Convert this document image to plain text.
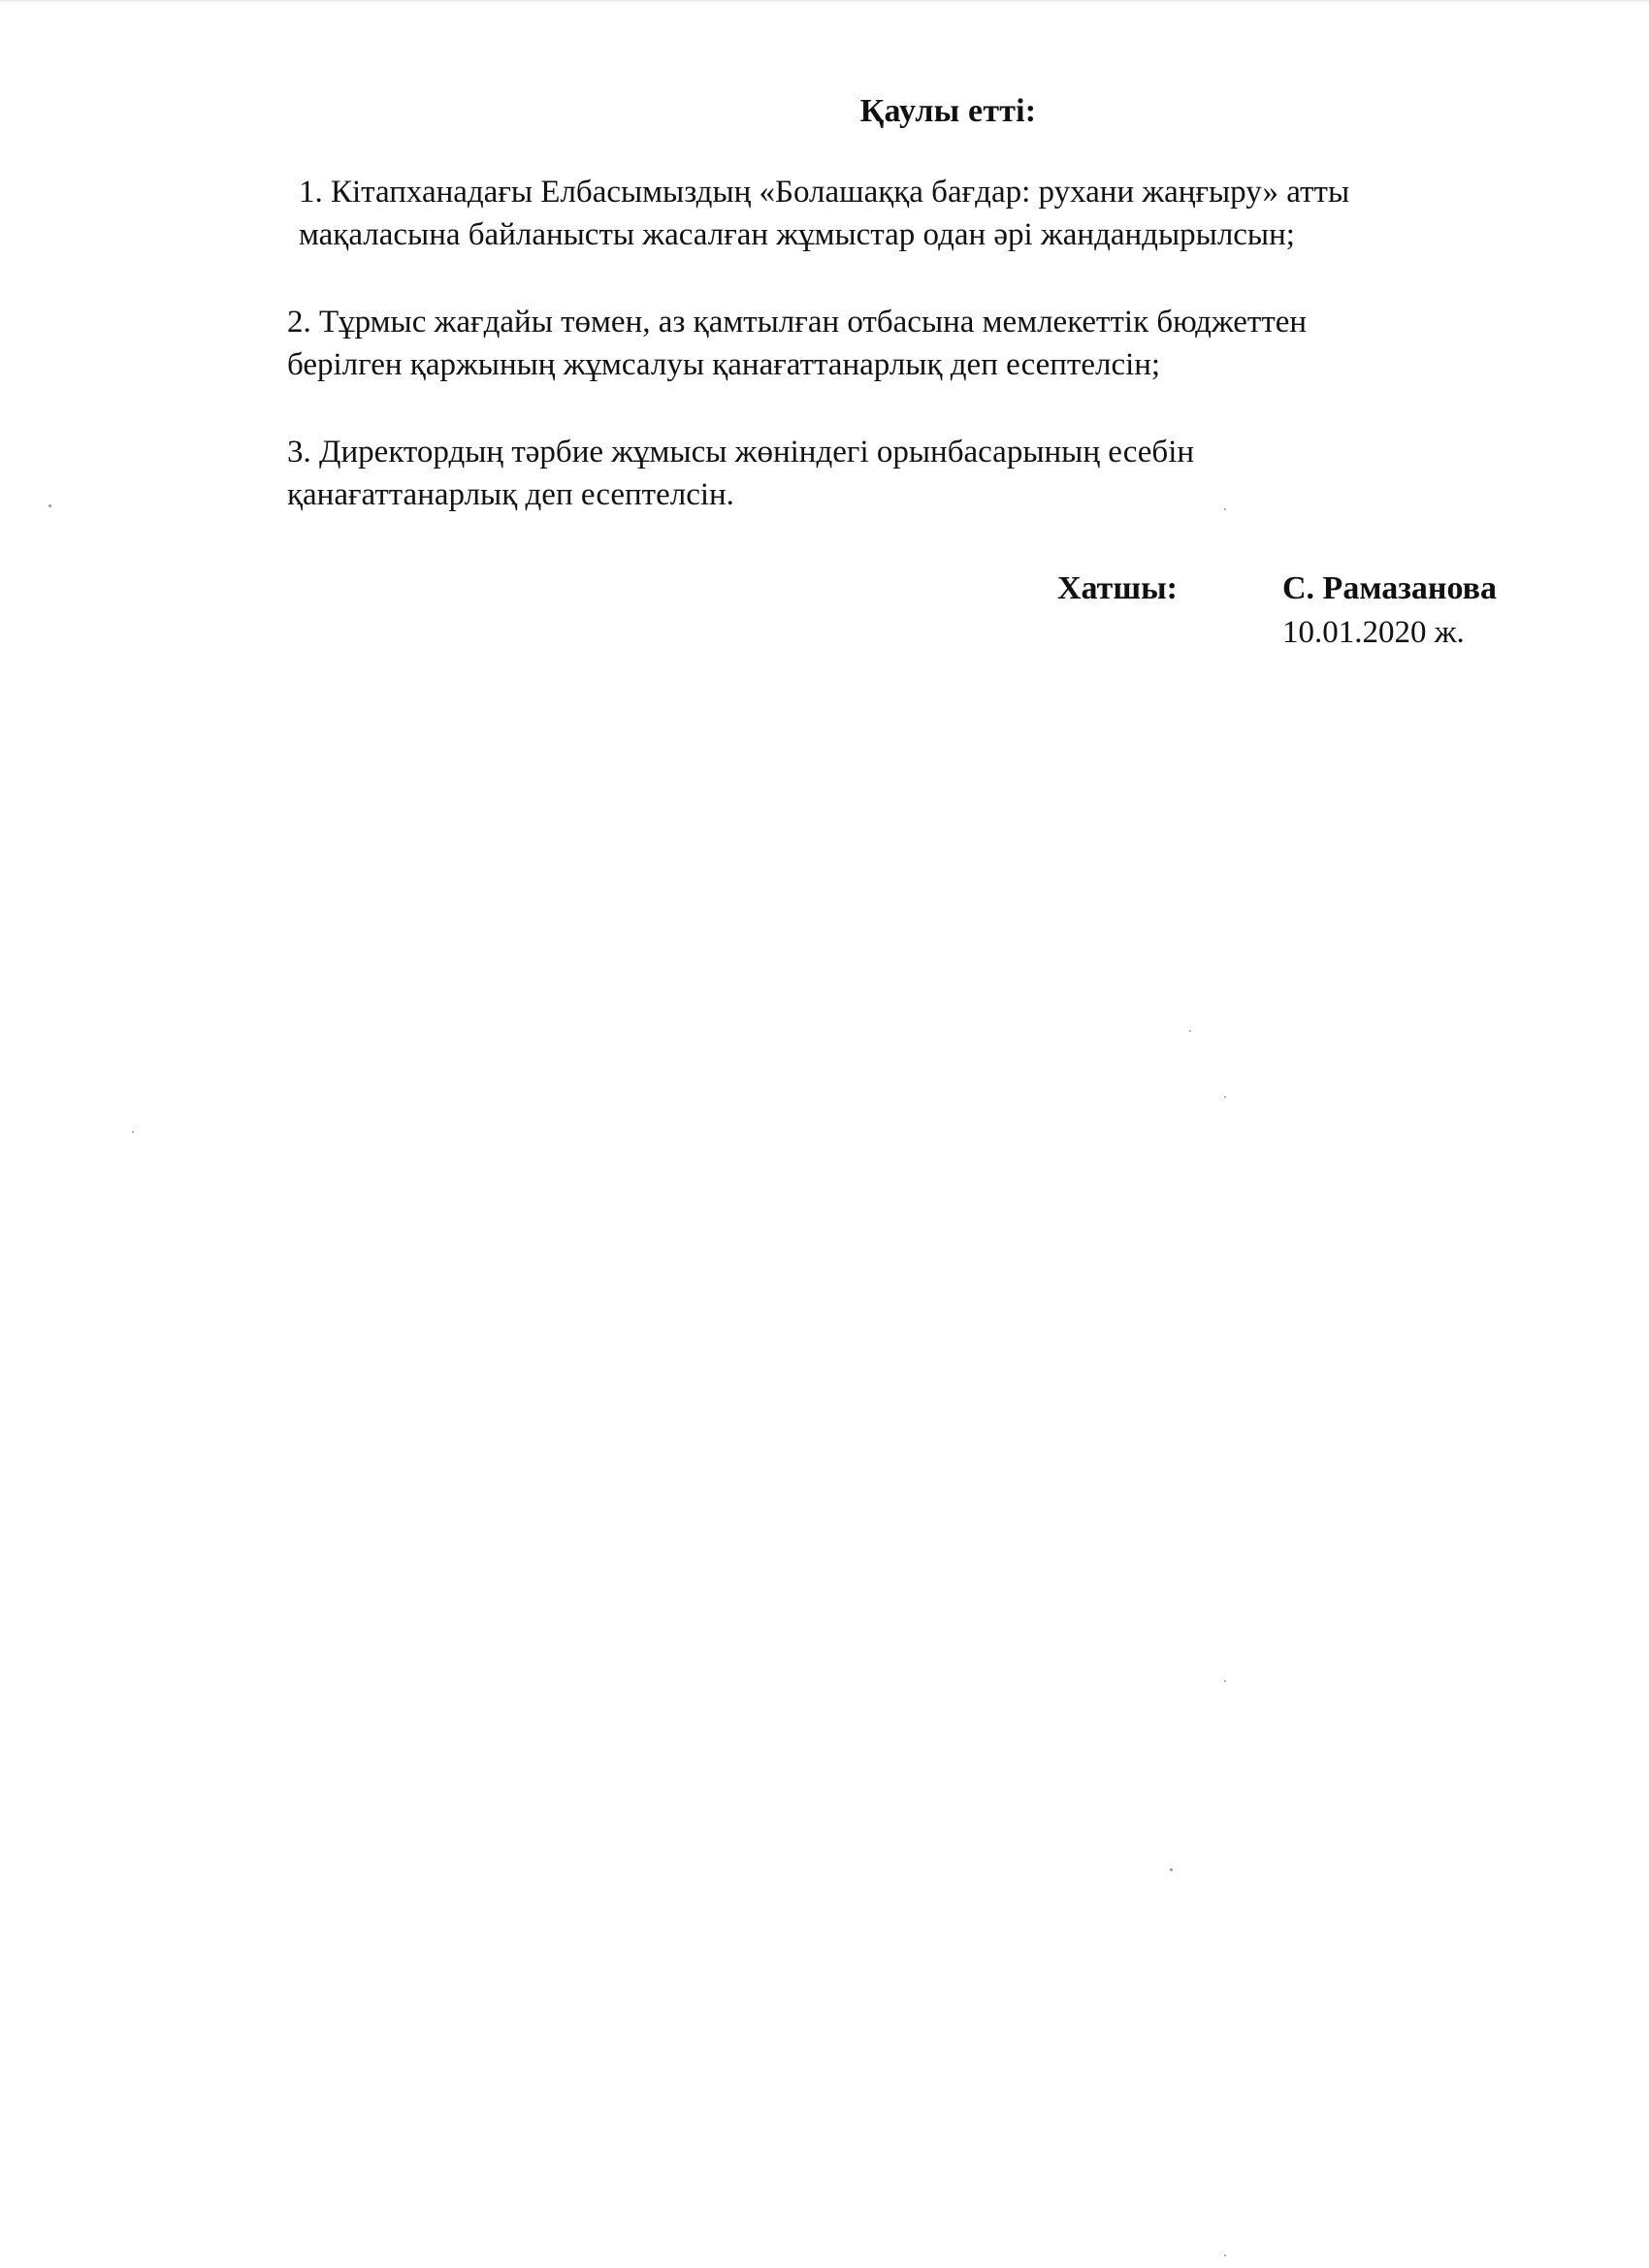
Қаулы етті:
1. Кітапханадағы Елбасымыздың «Болашаққа бағдар: рухани жаңғыру» атты
мақаласына байланысты жасалған жұмыстар одан әрі жандандырылсын;
2. Тұрмыс жағдайы төмен, аз қамтылған отбасына мемлекеттік бюджеттен
берілген қаржының жұмсалуы қанағаттанарлық деп есептелсін;
3. Директордың тәрбие жұмысы жөніндегі орынбасарының есебін
қанағаттанарлық деп есептелсін.
Хатшы:	С. Рамазанова
10.01.2020 ж.
